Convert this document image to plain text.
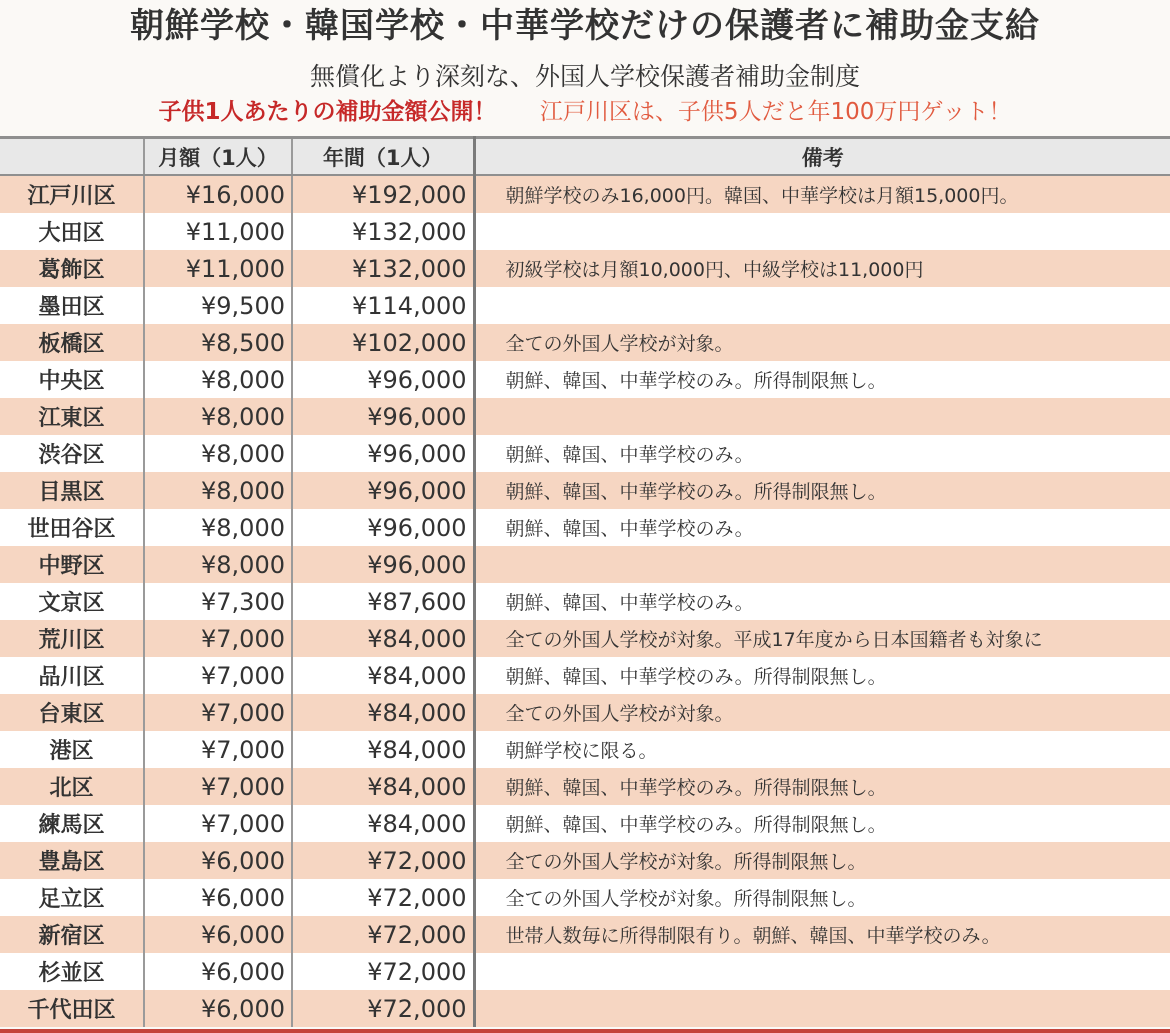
朝鮮学校・韓国学校・中華学校だけの保護者に補助金支給
無償化より深刻な、外国人学校保護者補助金制度
子供1人あたりの補助金額公開！ 江戸川区は、子供5人だと年100万円ゲット！
	月額（1人）	年間（1人）	備考
江戸川区	¥16,000	¥192,000	朝鮮学校のみ16,000円。韓国、中華学校は月額15,000円。
大田区	¥11,000	¥132,000	
葛飾区	¥11,000	¥132,000	初級学校は月額10,000円、中級学校は11,000円
墨田区	¥9,500	¥114,000	
板橋区	¥8,500	¥102,000	全ての外国人学校が対象。
中央区	¥8,000	¥96,000	朝鮮、韓国、中華学校のみ。所得制限無し。
江東区	¥8,000	¥96,000	
渋谷区	¥8,000	¥96,000	朝鮮、韓国、中華学校のみ。
目黒区	¥8,000	¥96,000	朝鮮、韓国、中華学校のみ。所得制限無し。
世田谷区	¥8,000	¥96,000	朝鮮、韓国、中華学校のみ。
中野区	¥8,000	¥96,000	
文京区	¥7,300	¥87,600	朝鮮、韓国、中華学校のみ。
荒川区	¥7,000	¥84,000	全ての外国人学校が対象。平成17年度から日本国籍者も対象に
品川区	¥7,000	¥84,000	朝鮮、韓国、中華学校のみ。所得制限無し。
台東区	¥7,000	¥84,000	全ての外国人学校が対象。
港区	¥7,000	¥84,000	朝鮮学校に限る。
北区	¥7,000	¥84,000	朝鮮、韓国、中華学校のみ。所得制限無し。
練馬区	¥7,000	¥84,000	朝鮮、韓国、中華学校のみ。所得制限無し。
豊島区	¥6,000	¥72,000	全ての外国人学校が対象。所得制限無し。
足立区	¥6,000	¥72,000	全ての外国人学校が対象。所得制限無し。
新宿区	¥6,000	¥72,000	世帯人数毎に所得制限有り。朝鮮、韓国、中華学校のみ。
杉並区	¥6,000	¥72,000	
千代田区	¥6,000	¥72,000	
